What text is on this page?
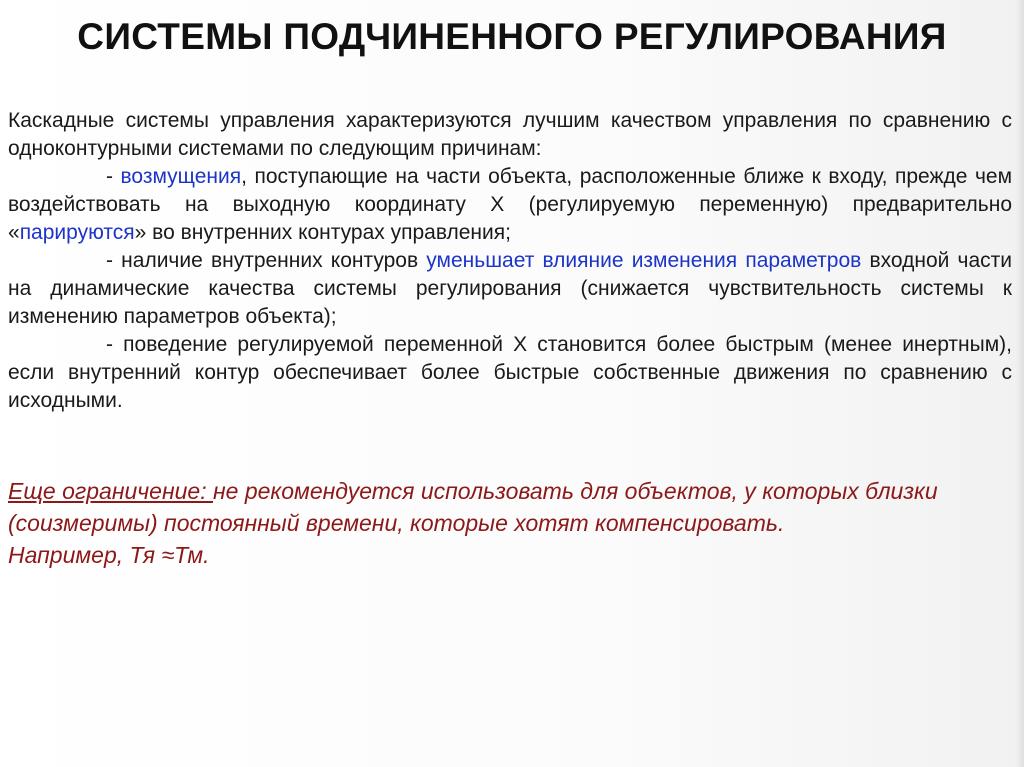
СИСТЕМЫ ПОДЧИНЕННОГО РЕГУЛИРОВАНИЯ

Каскадные системы управления характеризуются лучшим качеством управления по сравнению с одноконтурными системами по следующим причинам:

- возмущения, поступающие на части объекта, расположенные ближе к входу, прежде чем воздействовать на выходную координату Х (регулируемую переменную) предварительно «парируются» во внутренних контурах управления;

- наличие внутренних контуров уменьшает влияние изменения параметров входной части на динамические качества системы регулирования (снижается чувствительность системы к изменению параметров объекта);

- поведение регулируемой переменной Х становится более быстрым (менее инертным), если внутренний контур обеспечивает более быстрые собственные движения по сравнению с исходными.

Еще ограничение: не рекомендуется использовать для объектов, у которых близки (соизмеримы) постоянный времени, которые хотят компенсировать.

Например, Тя ≈Тм.
